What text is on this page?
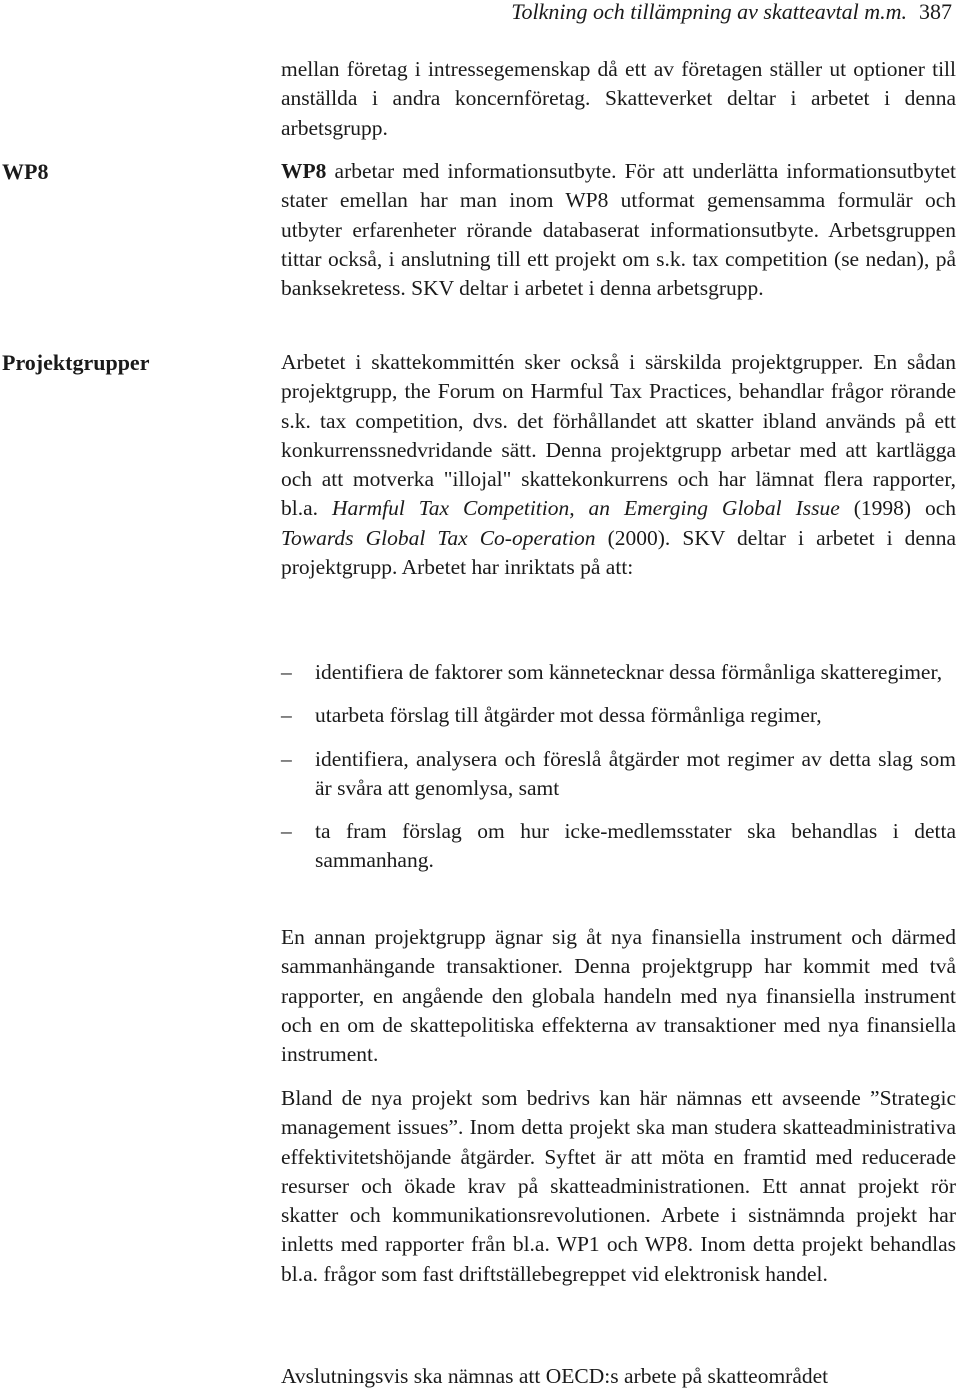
Tolkning och tillämpning av skatteavtal m.m. 387

mellan företag i intressegemenskap då ett av företagen ställer ut optioner till anställda i andra koncernföretag. Skatteverket deltar i arbetet i denna arbetsgrupp.

WP8	WP8 arbetar med informationsutbyte. För att underlätta informationsutbytet stater emellan har man inom WP8 utformat gemensamma formulär och utbyter erfarenheter rörande databaserat informationsutbyte. Arbetsgruppen tittar också, i anslutning till ett projekt om s.k. tax competition (se nedan), på banksekretess. SKV deltar i arbetet i denna arbetsgrupp.

Projektgrupper	Arbetet i skattekommittén sker också i särskilda projektgrupper. En sådan projektgrupp, the Forum on Harmful Tax Practices, behandlar frågor rörande s.k. tax competition, dvs. det förhållandet att skatter ibland används på ett konkurrenssnedvridande sätt. Denna projektgrupp arbetar med att kartlägga och att motverka "illojal" skattekonkurrens och har lämnat flera rapporter, bl.a. Harmful Tax Competition, an Emerging Global Issue (1998) och Towards Global Tax Co-operation (2000). SKV deltar i arbetet i denna projektgrupp. Arbetet har inriktats på att:

–
identifiera de faktorer som kännetecknar dessa förmånliga skatteregimer,
–
utarbeta förslag till åtgärder mot dessa förmånliga regimer,
–
identifiera, analysera och föreslå åtgärder mot regimer av detta slag som är svåra att genomlysa, samt
–
ta fram förslag om hur icke-medlemsstater ska behandlas i detta sammanhang.

En annan projektgrupp ägnar sig åt nya finansiella instrument och därmed sammanhängande transaktioner. Denna projektgrupp har kommit med två rapporter, en angående den globala handeln med nya finansiella instrument och en om de skattepolitiska effekterna av transaktioner med nya finansiella instrument.

Bland de nya projekt som bedrivs kan här nämnas ett avseende ”Strategic management issues”. Inom detta projekt ska man studera skatteadministrativa effektivitetshöjande åtgärder. Syftet är att möta en framtid med reducerade resurser och ökade krav på skatteadministrationen. Ett annat projekt rör skatter och kommunikationsrevolutionen. Arbete i sistnämnda projekt har inletts med rapporter från bl.a. WP1 och WP8. Inom detta projekt behandlas bl.a. frågor som fast driftställebegreppet vid elektronisk handel.

Avslutningsvis ska nämnas att OECD:s arbete på skatteområdet
